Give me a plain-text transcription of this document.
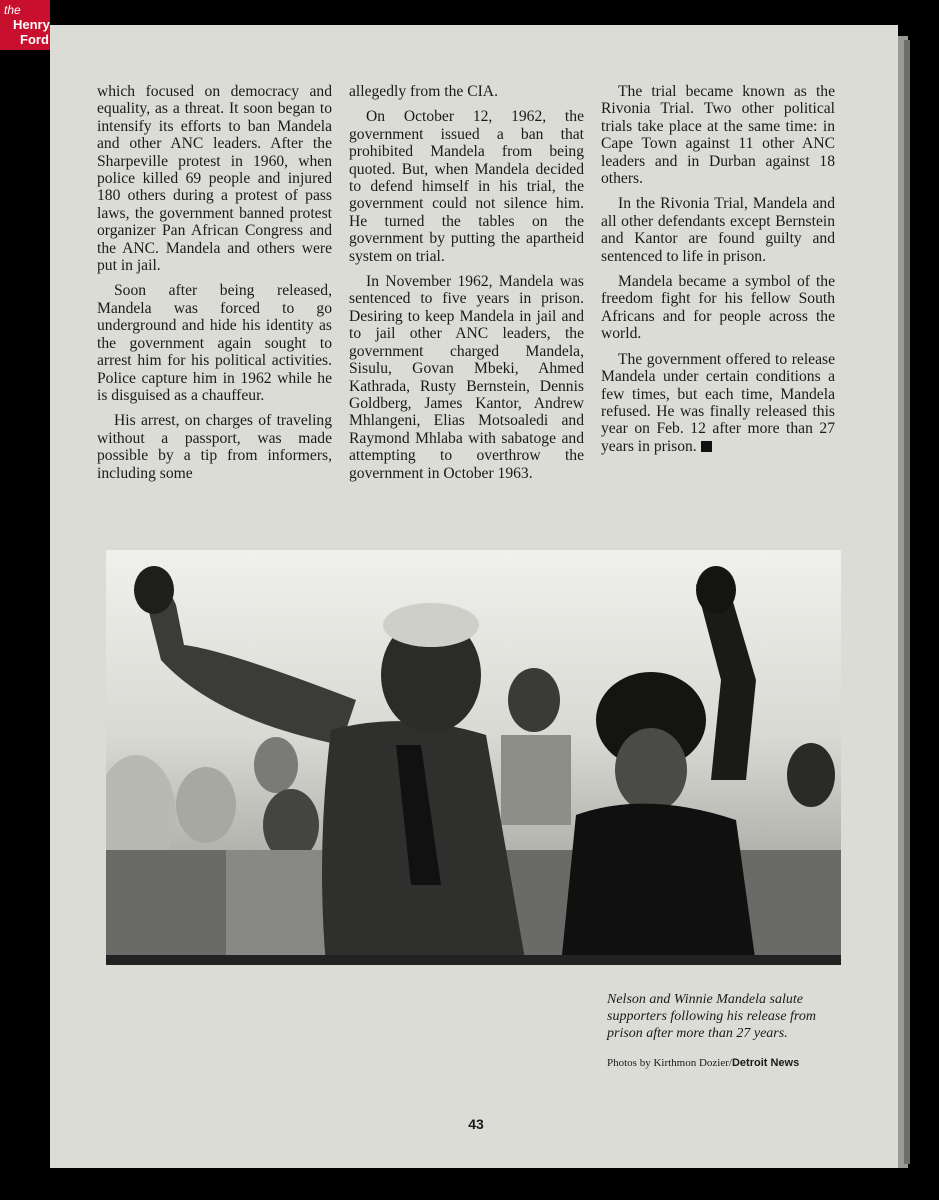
the
Henry
Ford

which focused on democracy and equality, as a threat. It soon began to intensify its efforts to ban Mandela and other ANC leaders. After the Sharpeville protest in 1960, when police killed 69 people and injured 180 others during a protest of pass laws, the government banned protest organizer Pan African Congress and the ANC. Mandela and others were put in jail.

Soon after being released, Mandela was forced to go underground and hide his identity as the government again sought to arrest him for his political activities. Police capture him in 1962 while he is disguised as a chauffeur.

His arrest, on charges of traveling without a passport, was made possible by a tip from informers, including some

allegedly from the CIA.

On October 12, 1962, the government issued a ban that prohibited Mandela from being quoted. But, when Mandela decided to defend himself in his trial, the government could not silence him. He turned the tables on the government by putting the apartheid system on trial.

In November 1962, Mandela was sentenced to five years in prison. Desiring to keep Mandela in jail and to jail other ANC leaders, the government charged Mandela, Sisulu, Govan Mbeki, Ahmed Kathrada, Rusty Bernstein, Dennis Goldberg, James Kantor, Andrew Mhlangeni, Elias Motsoaledi and Raymond Mhlaba with sabatoge and attempting to overthrow the government in October 1963.

The trial became known as the Rivonia Trial. Two other political trials take place at the same time: in Cape Town against 11 other ANC leaders and in Durban against 18 others.

In the Rivonia Trial, Mandela and all other defendants except Bernstein and Kantor are found guilty and sentenced to life in prison.

Mandela became a symbol of the freedom fight for his fellow South Africans and for people across the world.

The government offered to release Mandela under certain conditions a few times, but each time, Mandela refused. He was finally released this year on Feb. 12 after more than 27 years in prison.

Nelson and Winnie Mandela salute supporters following his release from prison after more than 27 years.
Photos by Kirthmon Dozier/Detroit News
43
